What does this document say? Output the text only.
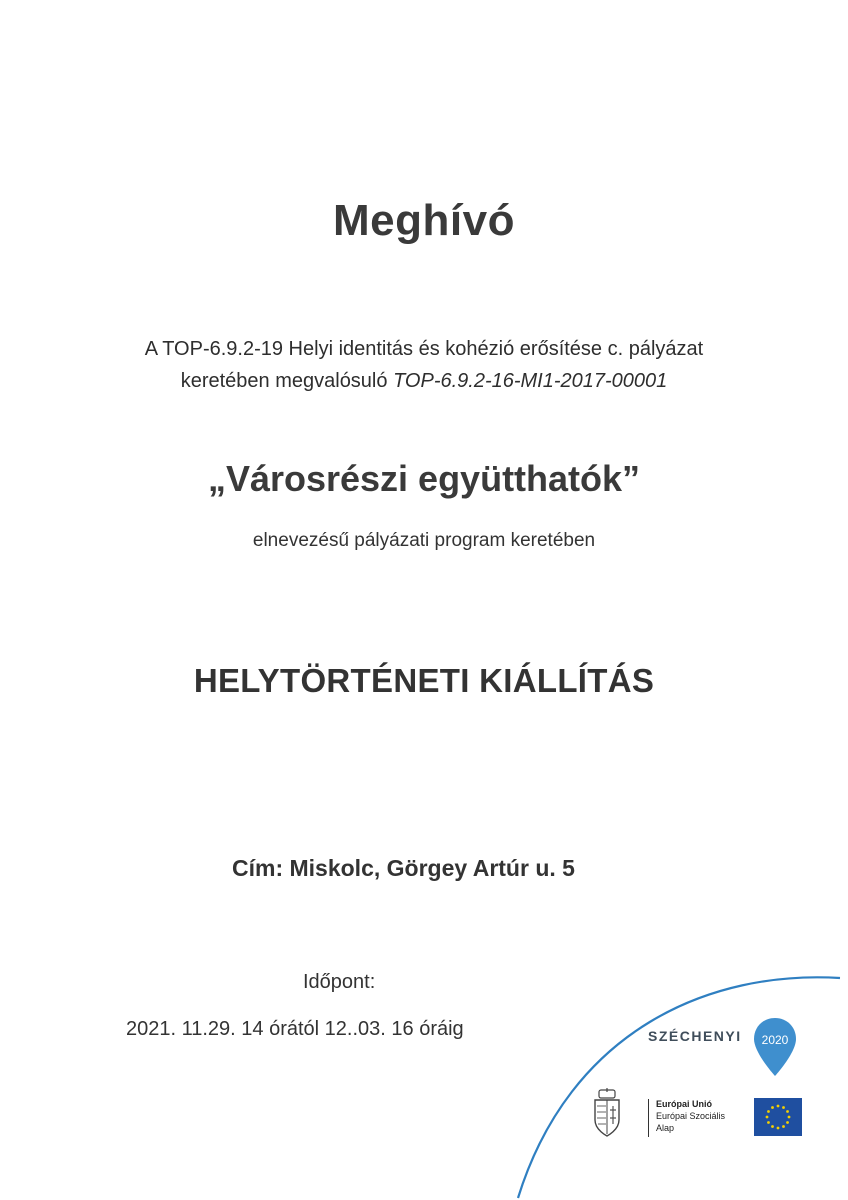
Meghívó
A TOP-6.9.2-19 Helyi identitás és kohézió erősítése c. pályázat
keretében megvalósuló TOP-6.9.2-16-MI1-2017-00001
„Városrészi együtthatók”
elnevezésű pályázati program keretében
HELYTÖRTÉNETI KIÁLLÍTÁS
Cím: Miskolc, Görgey Artúr u. 5
Időpont:
2021. 11.29. 14 órától 12..03. 16 óráig	SZÉCHENYI 2020
Európai Unió
Európai Szociális
Alap
